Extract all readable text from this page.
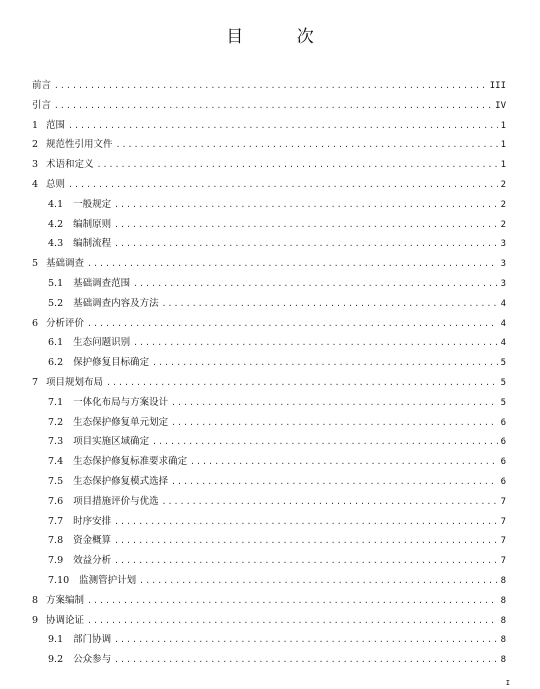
目 次
前言 .....	III
引言 .....	IV
1 范围 .....	1
2 规范性引用文件 .....	1
3 术语和定义 .....	1
4 总则 .....	2
4.1 一般规定 .....	2
4.2 编制原则 .....	2
4.3 编制流程 .....	3
5 基础调查 .....	3
5.1 基础调查范围 .....	3
5.2 基础调查内容及方法 .....	4
6 分析评价 .....	4
6.1 生态问题识别 .....	4
6.2 保护修复目标确定 .....	5
7 项目规划布局 .....	5
7.1 一体化布局与方案设计 .....	5
7.2 生态保护修复单元划定 .....	6
7.3 项目实施区域确定 .....	6
7.4 生态保护修复标准要求确定 .....	6
7.5 生态保护修复模式选择 .....	6
7.6 项目措施评价与优选 .....	7
7.7 时序安排 .....	7
7.8 资金概算 .....	7
7.9 效益分析 .....	7
7.10 监测管护计划 .....	8
8 方案编制 .....	8
9 协调论证 .....	8
9.1 部门协调 .....	8
9.2 公众参与 .....	8
I
